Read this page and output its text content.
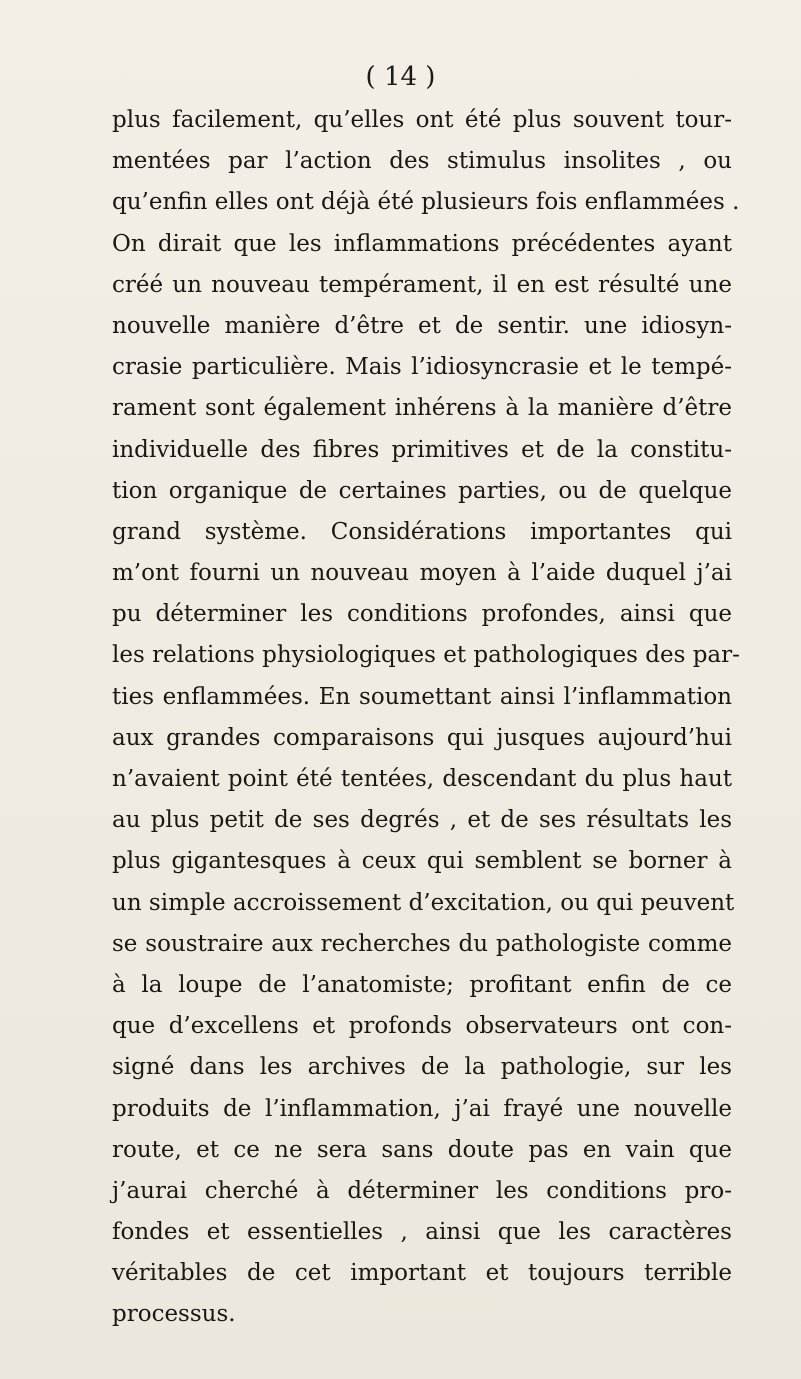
( 14 )
plus facilement, qu’elles ont été plus souvent tour-
mentées par l’action des stimulus insolites , ou
qu’enfin elles ont déjà été plusieurs fois enflammées .
On dirait que les inflammations précédentes ayant
créé un nouveau tempérament, il en est résulté une
nouvelle manière d’être et de sentir. une idiosyn-
crasie particulière. Mais l’idiosyncrasie et le tempé-
rament sont également inhérens à la manière d’être
individuelle des fibres primitives et de la constitu-
tion organique de certaines parties, ou de quelque
grand système. Considérations importantes qui
m’ont fourni un nouveau moyen à l’aide duquel j’ai
pu déterminer les conditions profondes, ainsi que
les relations physiologiques et pathologiques des par-
ties enflammées. En soumettant ainsi l’inflammation
aux grandes comparaisons qui jusques aujourd’hui
n’avaient point été tentées, descendant du plus haut
au plus petit de ses degrés , et de ses résultats les
plus gigantesques à ceux qui semblent se borner à
un simple accroissement d’excitation, ou qui peuvent
se soustraire aux recherches du pathologiste comme
à la loupe de l’anatomiste; profitant enfin de ce
que d’excellens et profonds observateurs ont con-
signé dans les archives de la pathologie, sur les
produits de l’inflammation, j’ai frayé une nouvelle
route, et ce ne sera sans doute pas en vain que
j’aurai cherché à déterminer les conditions pro-
fondes et essentielles , ainsi que les caractères
véritables de cet important et toujours terrible
processus.
